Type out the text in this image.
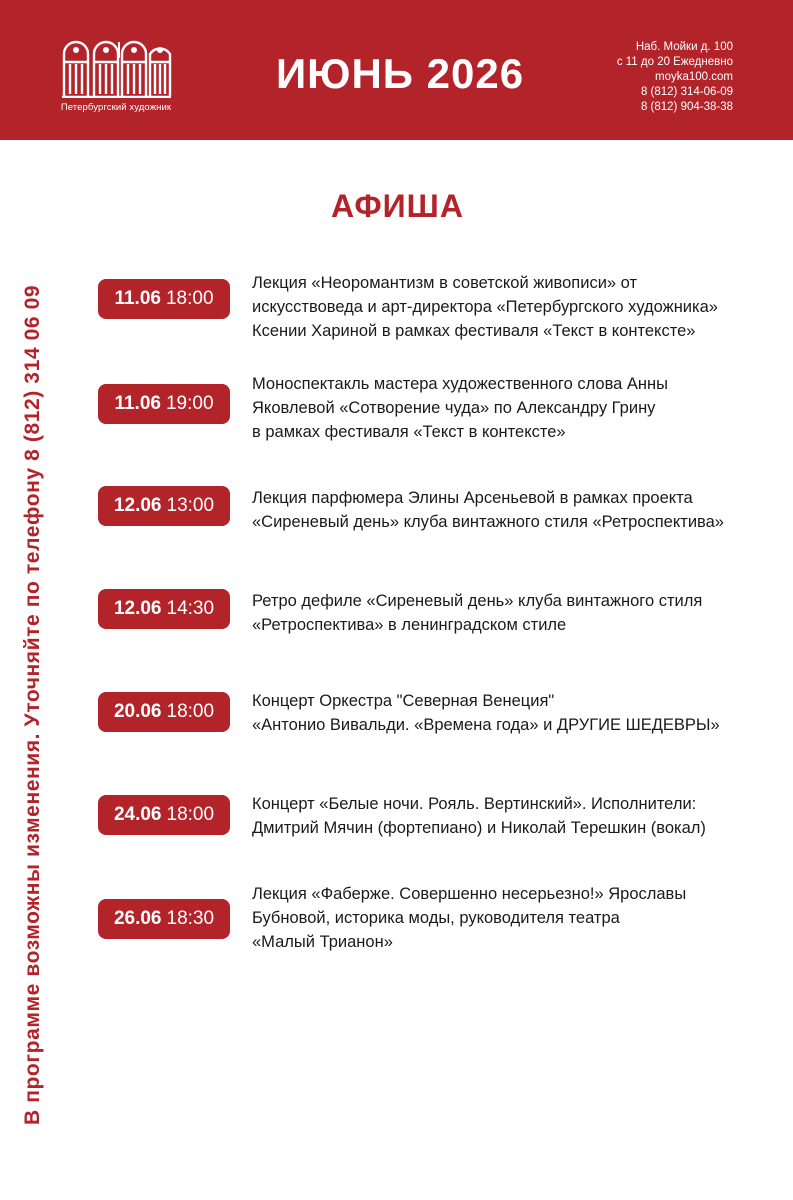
Петербургский художник
ИЮНЬ 2026
Наб. Мойки д. 100
с 11 до 20 Ежедневно
moyka100.com
8 (812) 314-06-09
8 (812) 904-38-38
В программе возможны изменения. Уточняйте по телефону 8 (812) 314 06 09
АФИША
11.06 18:00
Лекция «Неоромантизм в советской живописи» от
искусствоведа и арт-директора «Петербургского художника»
Ксении Хариной в рамках фестиваля «Текст в контексте»
11.06 19:00
Моноспектакль мастера художественного слова Анны
Яковлевой «Сотворение чуда» по Александру Грину
в рамках фестиваля «Текст в контексте»
12.06 13:00	Лекция парфюмера Элины Арсеньевой в рамках проекта
«Сиреневый день» клуба винтажного стиля «Ретроспектива»
12.06 14:30	Ретро дефиле «Сиреневый день» клуба винтажного стиля
«Ретроспектива» в ленинградском стиле
20.06 18:00	Концерт Оркестра "Северная Венеция"
«Антонио Вивальди. «Времена года» и ДРУГИЕ ШЕДЕВРЫ»
24.06 18:00	Концерт «Белые ночи. Рояль. Вертинский». Исполнители:
Дмитрий Мячин (фортепиано) и Николай Терешкин (вокал)
26.06 18:30
Лекция «Фаберже. Совершенно несерьезно!» Ярославы
Бубновой, историка моды, руководителя театра
«Малый Трианон»
